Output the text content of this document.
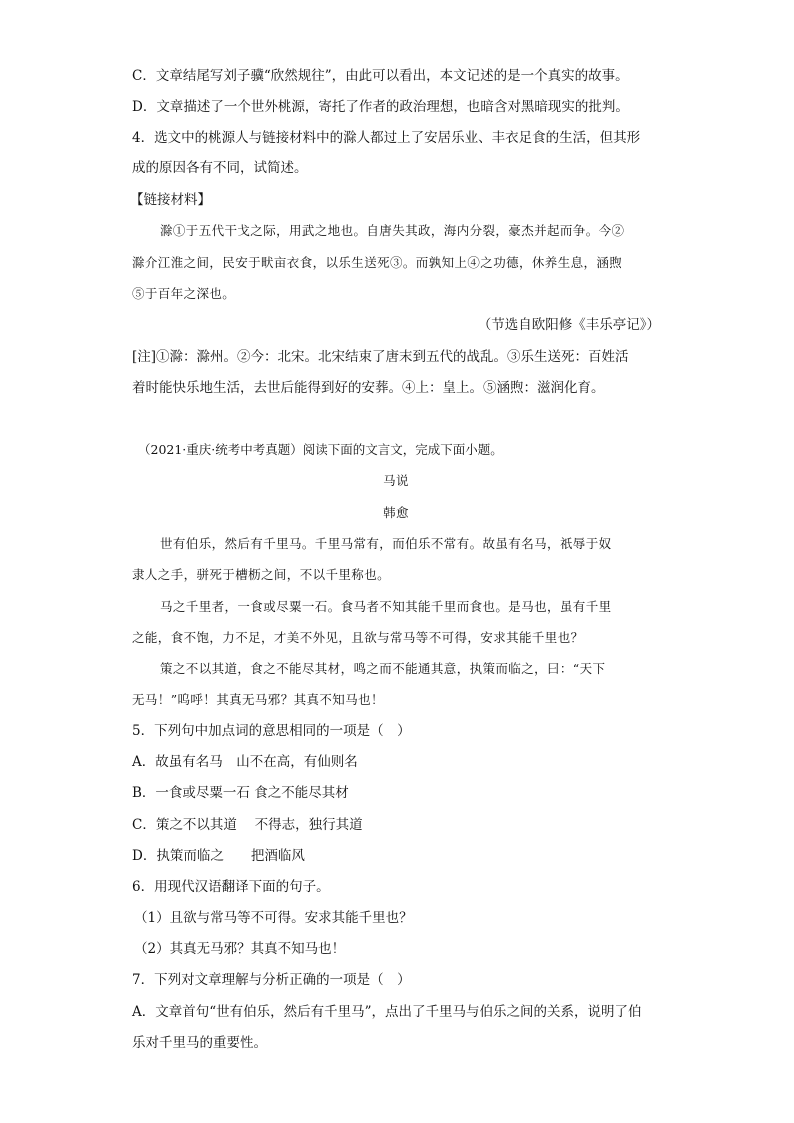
C．文章结尾写刘子骥“欣然规往”，由此可以看出，本文记述的是一个真实的故事。
D．文章描述了一个世外桃源，寄托了作者的政治理想，也暗含对黑暗现实的批判。
4．选文中的桃源人与链接材料中的滁人都过上了安居乐业、丰衣足食的生活，但其形
成的原因各有不同，试简述。
【链接材料】
滁①于五代干戈之际，用武之地也。自唐失其政，海内分裂，豪杰并起而争。今②
滁介江淮之间，民安于畎亩衣食，以乐生送死③。而孰知上④之功德，休养生息，涵煦
⑤于百年之深也。
（节选自欧阳修《丰乐亭记》）
[注]①滁：滁州。②今：北宋。北宋结束了唐末到五代的战乱。③乐生送死：百姓活
着时能快乐地生活，去世后能得到好的安葬。④上：皇上。⑤涵煦：滋润化育。
（2021·重庆·统考中考真题）阅读下面的文言文，完成下面小题。
马说
韩愈
世有伯乐，然后有千里马。千里马常有，而伯乐不常有。故虽有名马，祇辱于奴
隶人之手，骈死于槽枥之间，不以千里称也。
马之千里者，一食或尽粟一石。食马者不知其能千里而食也。是马也，虽有千里
之能，食不饱，力不足，才美不外见，且欲与常马等不可得，安求其能千里也？
策之不以其道，食之不能尽其材，鸣之而不能通其意，执策而临之，曰：“天下
无马！”呜呼！其真无马邪？其真不知马也！
5．下列句中加点词的意思相同的一项是（　）
A．故虽有名马　山不在高，有仙则名
B．一食或尽粟一石 食之不能尽其材
C．策之不以其道　 不得志，独行其道
D．执策而临之　　把酒临风
6．用现代汉语翻译下面的句子。
（1）且欲与常马等不可得。安求其能千里也？
（2）其真无马邪？其真不知马也！
7．下列对文章理解与分析正确的一项是（　）
A．文章首句“世有伯乐，然后有千里马”，点出了千里马与伯乐之间的关系，说明了伯
乐对千里马的重要性。
